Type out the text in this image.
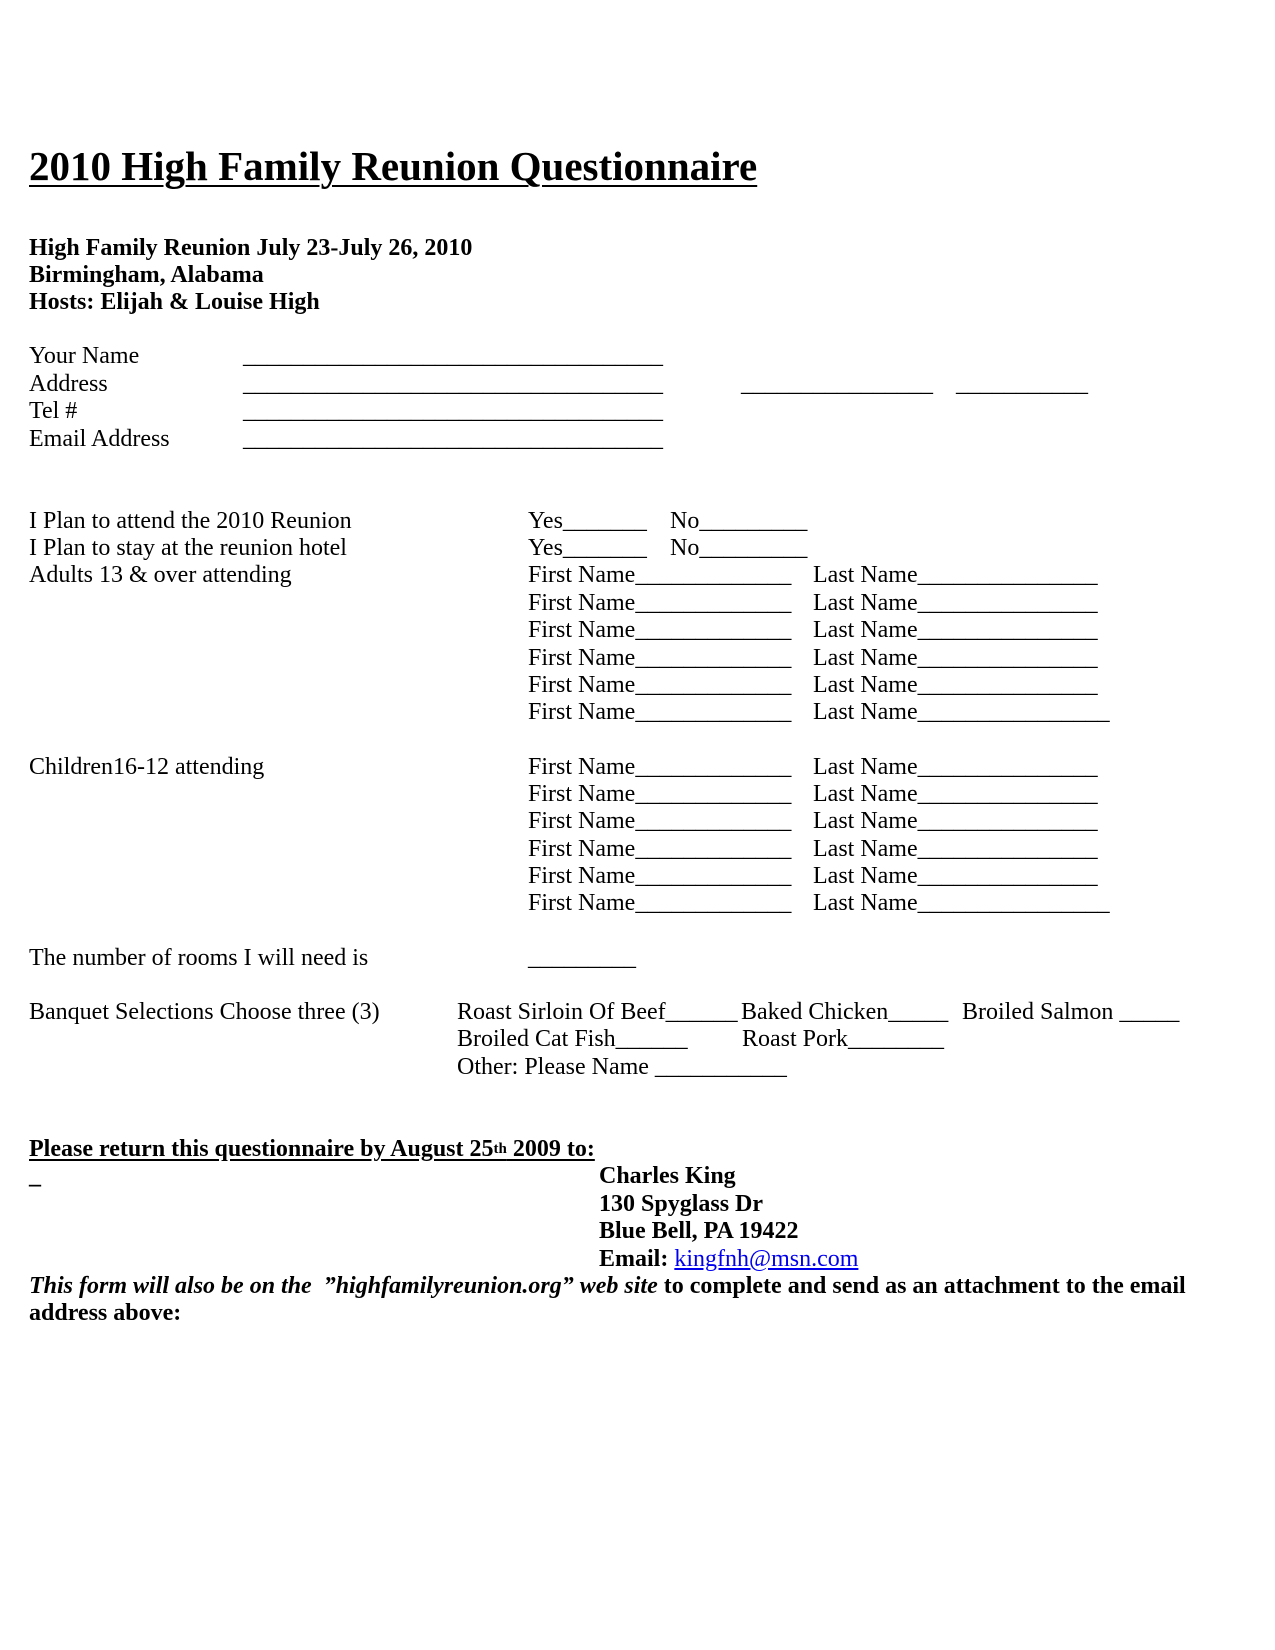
2010 High Family Reunion Questionnaire
High Family Reunion July 23-July 26, 2010
Birmingham, Alabama
Hosts: Elijah & Louise High
Your Name	___________________________________
Address	___________________________________	________________ ___________
Tel #	___________________________________
Email Address	___________________________________
I Plan to attend the 2010 Reunion	Yes_______ No_________
I Plan to stay at the reunion hotel	Yes_______ No_________
Adults 13 & over attending	First Name_____________ Last Name_______________
First Name_____________ Last Name_______________
First Name_____________ Last Name_______________
First Name_____________ Last Name_______________
First Name_____________ Last Name_______________
First Name_____________ Last Name________________
Children16-12 attending	First Name_____________ Last Name_______________
First Name_____________ Last Name_______________
First Name_____________ Last Name_______________
First Name_____________ Last Name_______________
First Name_____________ Last Name_______________
First Name_____________ Last Name________________
The number of rooms I will need is	_________
Banquet Selections Choose three (3)	Roast Sirloin Of Beef______ Baked Chicken_____ Broiled Salmon _____
Broiled Cat Fish______ Roast Pork________
Other: Please Name ___________
Please return this questionnaire by August 25th 2009 to:
_	Charles King
130 Spyglass Dr
Blue Bell, PA 19422
Email: kingfnh@msn.com
This form will also be on the  ”highfamilyreunion.org” web site to complete and send as an attachment to the email
address above:
